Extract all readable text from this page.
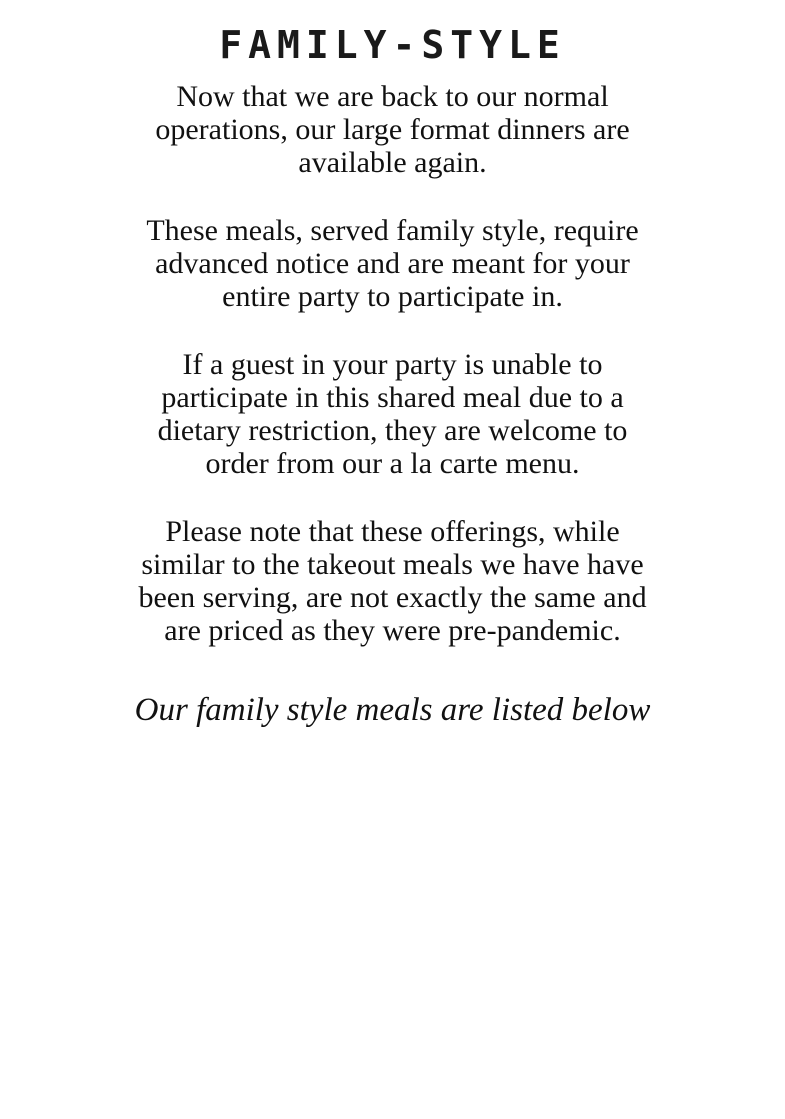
FAMILY-STYLE

Now that we are back to our normal
operations, our large format dinners are
available again.

These meals, served family style, require
advanced notice and are meant for your
entire party to participate in.

If a guest in your party is unable to
participate in this shared meal due to a
dietary restriction, they are welcome to
order from our a la carte menu.

Please note that these offerings, while
similar to the takeout meals we have have
been serving, are not exactly the same and
are priced as they were pre-pandemic.

Our family style meals are listed below
